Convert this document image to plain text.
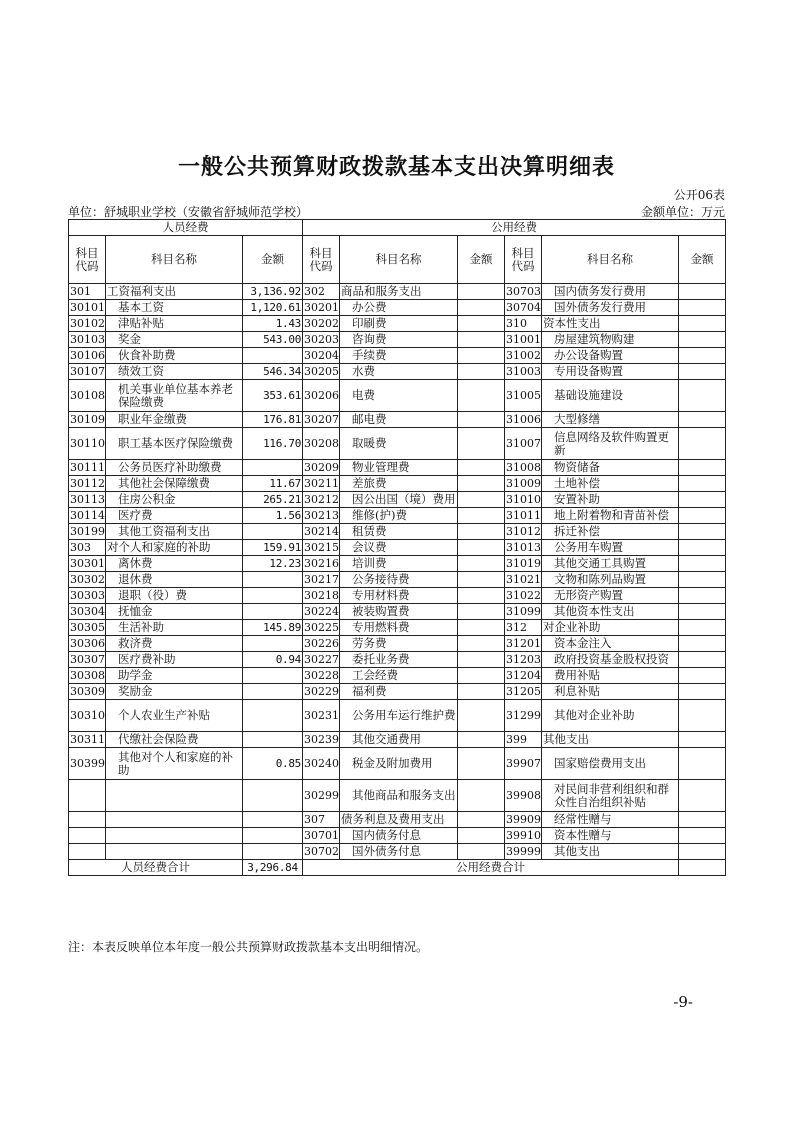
一般公共预算财政拨款基本支出决算明细表
公开06表
单位：舒城职业学校（安徽省舒城师范学校）	金额单位：万元
人员经费			公用经费					
科目代码	科目名称	金额	科目代码	科目名称	金额	科目代码	科目名称	金额
301	工资福利支出	3,136.92	302	商品和服务支出		30703	国内债务发行费用	
30101	基本工资	1,120.61	30201	办公费		30704	国外债务发行费用	
30102	津贴补贴	1.43	30202	印刷费		310	资本性支出	
30103	奖金	543.00	30203	咨询费		31001	房屋建筑物购建	
30106	伙食补助费		30204	手续费		31002	办公设备购置	
30107	绩效工资	546.34	30205	水费		31003	专用设备购置	
30108	机关事业单位基本养老保险缴费	353.61	30206	电费		31005	基础设施建设	
30109	职业年金缴费	176.81	30207	邮电费		31006	大型修缮	
30110	职工基本医疗保险缴费	116.70	30208	取暖费		31007	信息网络及软件购置更新	
30111	公务员医疗补助缴费		30209	物业管理费		31008	物资储备	
30112	其他社会保障缴费	11.67	30211	差旅费		31009	土地补偿	
30113	住房公积金	265.21	30212	因公出国（境）费用		31010	安置补助	
30114	医疗费	1.56	30213	维修(护)费		31011	地上附着物和青苗补偿	
30199	其他工资福利支出		30214	租赁费		31012	拆迁补偿	
303	对个人和家庭的补助	159.91	30215	会议费		31013	公务用车购置	
30301	离休费	12.23	30216	培训费		31019	其他交通工具购置	
30302	退休费		30217	公务接待费		31021	文物和陈列品购置	
30303	退职（役）费		30218	专用材料费		31022	无形资产购置	
30304	抚恤金		30224	被装购置费		31099	其他资本性支出	
30305	生活补助	145.89	30225	专用燃料费		312	对企业补助	
30306	救济费		30226	劳务费		31201	资本金注入	
30307	医疗费补助	0.94	30227	委托业务费		31203	政府投资基金股权投资	
30308	助学金		30228	工会经费		31204	费用补贴	
30309	奖励金		30229	福利费		31205	利息补贴	
30310	个人农业生产补贴		30231	公务用车运行维护费		31299	其他对企业补助	
30311	代缴社会保险费		30239	其他交通费用		399	其他支出	
30399	其他对个人和家庭的补助	0.85	30240	税金及附加费用		39907	国家赔偿费用支出	
			30299	其他商品和服务支出		39908	对民间非营利组织和群众性自治组织补贴	
			307	债务利息及费用支出		39909	经常性赠与	
			30701	国内债务付息		39910	资本性赠与	
			30702	国外债务付息		39999	其他支出	
人员经费合计		3,296.84	公用经费合计					
注：本表反映单位本年度一般公共预算财政拨款基本支出明细情况。
-9-
